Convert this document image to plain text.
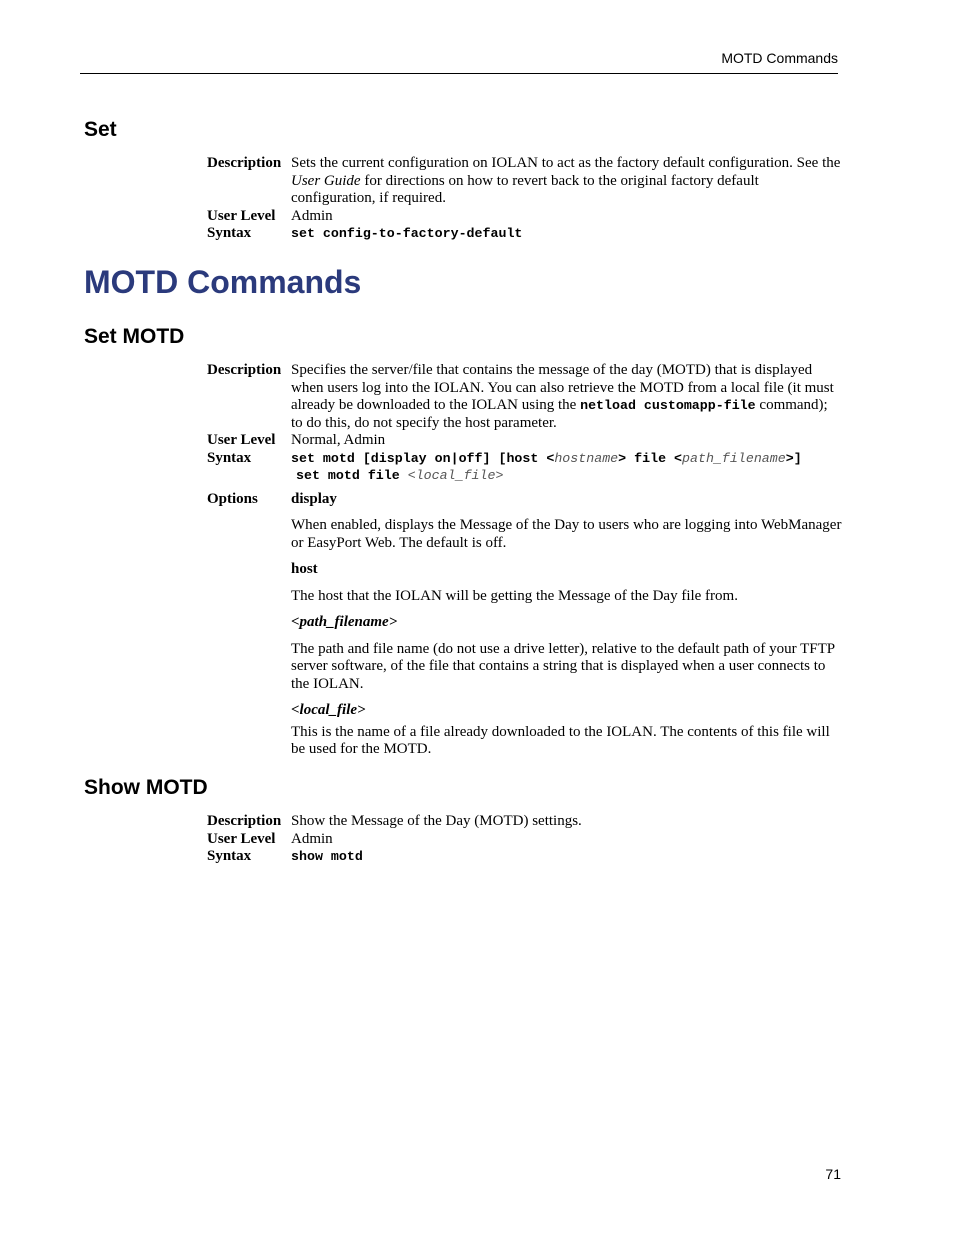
MOTD Commands
Set
Description Sets the current configuration on IOLAN to act as the factory default configuration. See the User Guide for directions on how to revert back to the original factory default configuration, if required.
User Level	Admin
Syntax	set config-to-factory-default
MOTD Commands
Set MOTD
Description Specifies the server/file that contains the message of the day (MOTD) that is displayed when users log into the IOLAN. You can also retrieve the MOTD from a local file (it must already be downloaded to the IOLAN using the netload customapp-file command); to do this, do not specify the host parameter.
User Level	Normal, Admin
Syntax	set motd [display on|off] [host <hostname> file <path_filename>]
set motd file <local_file>
Options	display
When enabled, displays the Message of the Day to users who are logging into WebManager or EasyPort Web. The default is off.
host
The host that the IOLAN will be getting the Message of the Day file from.
<path_filename>
The path and file name (do not use a drive letter), relative to the default path of your TFTP server software, of the file that contains a string that is displayed when a user connects to the IOLAN.
<local_file>
This is the name of a file already downloaded to the IOLAN. The contents of this file will be used for the MOTD.
Show MOTD
Description Show the Message of the Day (MOTD) settings.
User Level	Admin
Syntax	show motd
71
